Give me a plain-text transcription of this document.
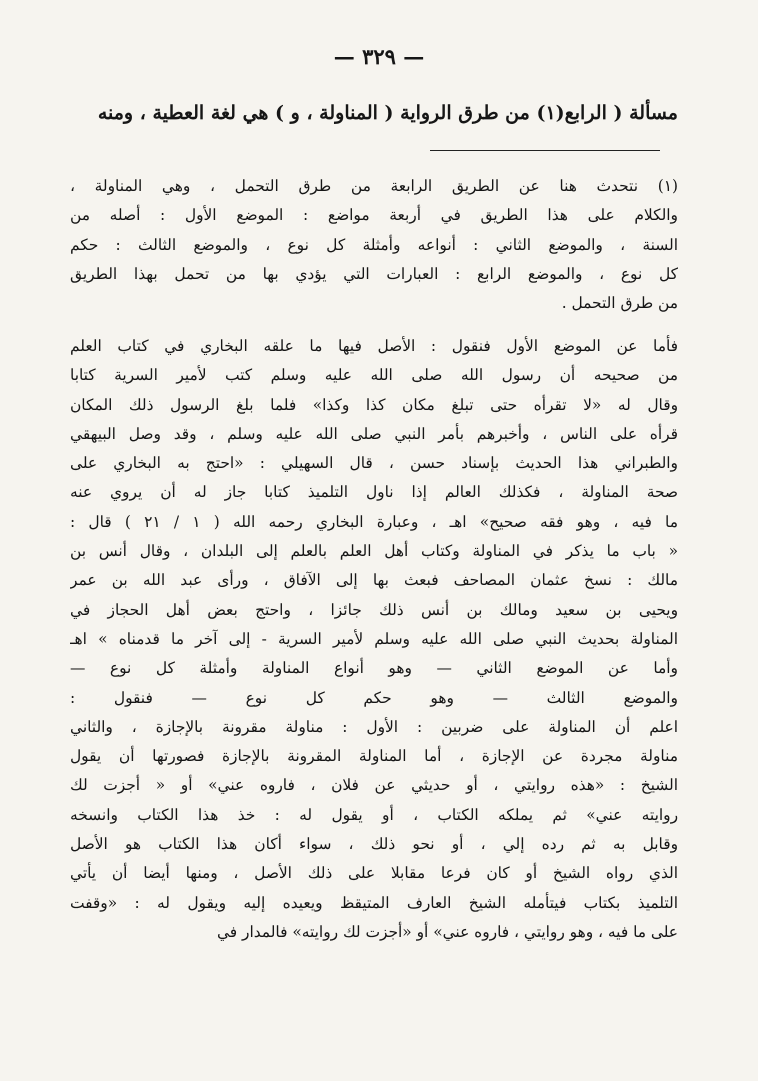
— ٣٢٩ —
مسألة ( الرابع(١) من طرق الرواية ( المناولة ، و ) هي لغة العطية ، ومنه
(١) نتحدث هنا عن الطريق الرابعة من طرق التحمل ، وهي المناولة ،
والكلام على هذا الطريق في أربعة مواضع : الموضع الأول : أصله من
السنة ، والموضع الثاني : أنواعه وأمثلة كل نوع ، والموضع الثالث : حكم
كل نوع ، والموضع الرابع : العبارات التي يؤدي بها من تحمل بهذا الطريق
من طرق التحمل .
فأما عن الموضع الأول فنقول : الأصل فيها ما علقه البخاري في كتاب العلم
من صحيحه أن رسول الله صلى الله عليه وسلم كتب لأمير السرية كتابا
وقال له «لا تقرأه حتى تبلغ مكان كذا وكذا» فلما بلغ الرسول ذلك المكان
قرأه على الناس ، وأخبرهم بأمر النبي صلى الله عليه وسلم ، وقد وصل البيهقي
والطبراني هذا الحديث بإسناد حسن ، قال السهيلي : «احتج به البخاري على
صحة المناولة ، فكذلك العالم إذا ناول التلميذ كتابا جاز له أن يروي عنه
ما فيه ، وهو فقه صحيح» اهـ ، وعبارة البخاري رحمه الله ( ١ / ٢١ ) قال :
« باب ما يذكر في المناولة وكتاب أهل العلم بالعلم إلى البلدان ، وقال أنس بن
مالك : نسخ عثمان المصاحف فبعث بها إلى الآفاق ، ورأى عبد الله بن عمر
ويحيى بن سعيد ومالك بن أنس ذلك جائزا ، واحتج بعض أهل الحجاز في
المناولة بحديث النبي صلى الله عليه وسلم لأمير السرية - إلى آخر ما قدمناه » اهـ
وأما عن الموضع الثاني — وهو أنواع المناولة وأمثلة كل نوع —
والموضع الثالث — وهو حكم كل نوع — فنقول :
اعلم أن المناولة على ضربين : الأول : مناولة مقرونة بالإجازة ، والثاني
مناولة مجردة عن الإجازة ، أما المناولة المقرونة بالإجازة فصورتها أن يقول
الشيخ : «هذه روايتي ، أو حديثي عن فلان ، فاروه عني» أو « أجزت لك
روايته عني» ثم يملكه الكتاب ، أو يقول له : خذ هذا الكتاب وانسخه
وقابل به ثم رده إلي ، أو نحو ذلك ، سواء أكان هذا الكتاب هو الأصل
الذي رواه الشيخ أو كان فرعا مقابلا على ذلك الأصل ، ومنها أيضا أن يأتي
التلميذ بكتاب فيتأمله الشيخ العارف المتيقظ ويعيده إليه ويقول له : «وقفت
على ما فيه ، وهو روايتي ، فاروه عني» أو «أجزت لك روايته» فالمدار في
